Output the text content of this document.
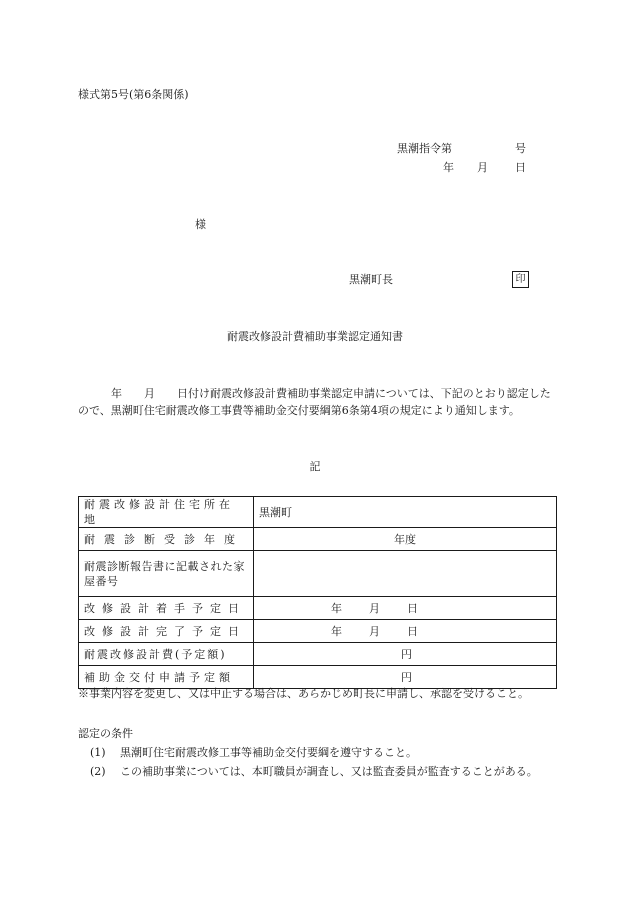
様式第5号(第6条関係)
黒潮指令第	号
年 月 日
様
黒潮町長	印
耐震改修設計費補助事業認定通知書
　　　年　　月　　日付け耐震改修設計費補助事業認定申請については、下記のとおり認定したので、黒潮町住宅耐震改修工事費等補助金交付要綱第6条第4項の規定により通知します。
記
耐震改修設計住宅所在地	黒潮町
耐震診断受診年度	年度
耐震診断報告書に記載された家屋番号	
改修設計着手予定日	年 月 日
改修設計完了予定日	年 月 日
耐震改修設計費(予定額)	円
補助金交付申請予定額	円
※事業内容を変更し、又は中止する場合は、あらかじめ町長に申請し、承認を受けること。
認定の条件
(1) 黒潮町住宅耐震改修工事等補助金交付要綱を遵守すること。
(2) この補助事業については、本町職員が調査し、又は監査委員が監査することがある。
